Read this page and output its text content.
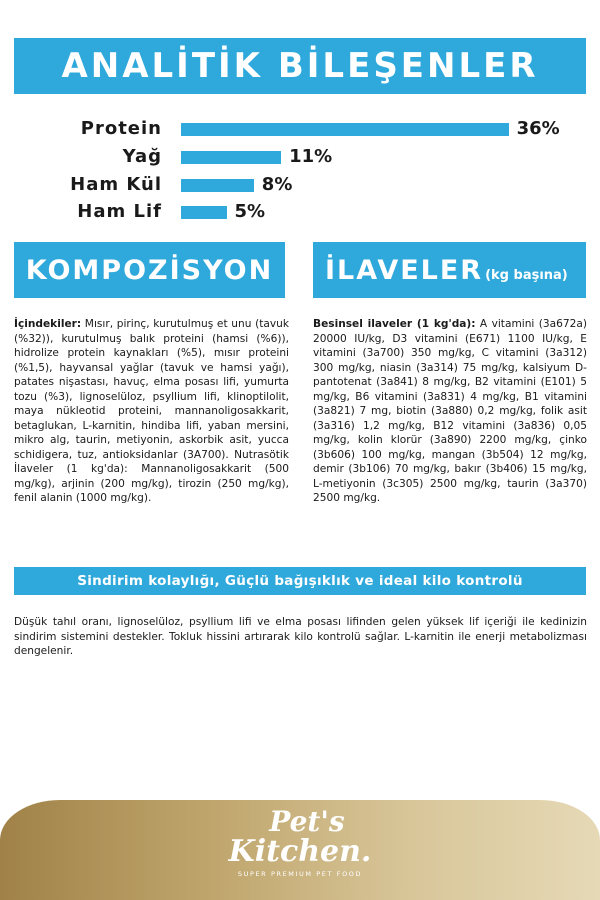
ANALİTİK BİLEŞENLER
Protein	36%
Yağ	11%
Ham Kül	8%
Ham Lif	5%
KOMPOZİSYON İLAVELER (kg başına)
İçindekiler: Mısır, pirinç, kurutulmuş et unu (tavuk (%32)), kurutulmuş balık proteini (hamsi (%6)), hidrolize protein kaynakları (%5), mısır proteini (%1,5), hayvansal yağlar (tavuk ve hamsi yağı), patates nişastası, havuç, elma posası lifi, yumurta tozu (%3), lignoselüloz, psyllium lifi, klinoptilolit, maya nükleotid proteini, mannanoligosakkarit, betaglukan, L-karnitin, hindiba lifi, yaban mersini, mikro alg, taurin, metiyonin, askorbik asit, yucca schidigera, tuz, antioksidanlar (3A700). Nutrasötik İlaveler (1 kg'da): Mannanoligosakkarit (500 mg/kg), arjinin (200 mg/kg), tirozin (250 mg/kg), fenil alanin (1000 mg/kg).
Besinsel ilaveler (1 kg'da): A vitamini (3a672a) 20000 IU/kg, D3 vitamini (E671) 1100 IU/kg, E vitamini (3a700) 350 mg/kg, C vitamini (3a312) 300 mg/kg, niasin (3a314) 75 mg/kg, kalsiyum D-pantotenat (3a841) 8 mg/kg, B2 vitamini (E101) 5 mg/kg, B6 vitamini (3a831) 4 mg/kg, B1 vitamini (3a821) 7 mg, biotin (3a880) 0,2 mg/kg, folik asit (3a316) 1,2 mg/kg, B12 vitamini (3a836) 0,05 mg/kg, kolin klorür (3a890) 2200 mg/kg, çinko (3b606) 100 mg/kg, mangan (3b504) 12 mg/kg, demir (3b106) 70 mg/kg, bakır (3b406) 15 mg/kg, L-metiyonin (3c305) 2500 mg/kg, taurin (3a370) 2500 mg/kg.
Sindirim kolaylığı, Güçlü bağışıklık ve ideal kilo kontrolü
Düşük tahıl oranı, lignoselüloz, psyllium lifi ve elma posası lifinden gelen yüksek lif içeriği ile kedinizin sindirim sistemini destekler. Tokluk hissini artırarak kilo kontrolü sağlar. L-karnitin ile enerji metabolizması dengelenir.
Pet's
Kitchen.
SUPER PREMIUM PET FOOD
